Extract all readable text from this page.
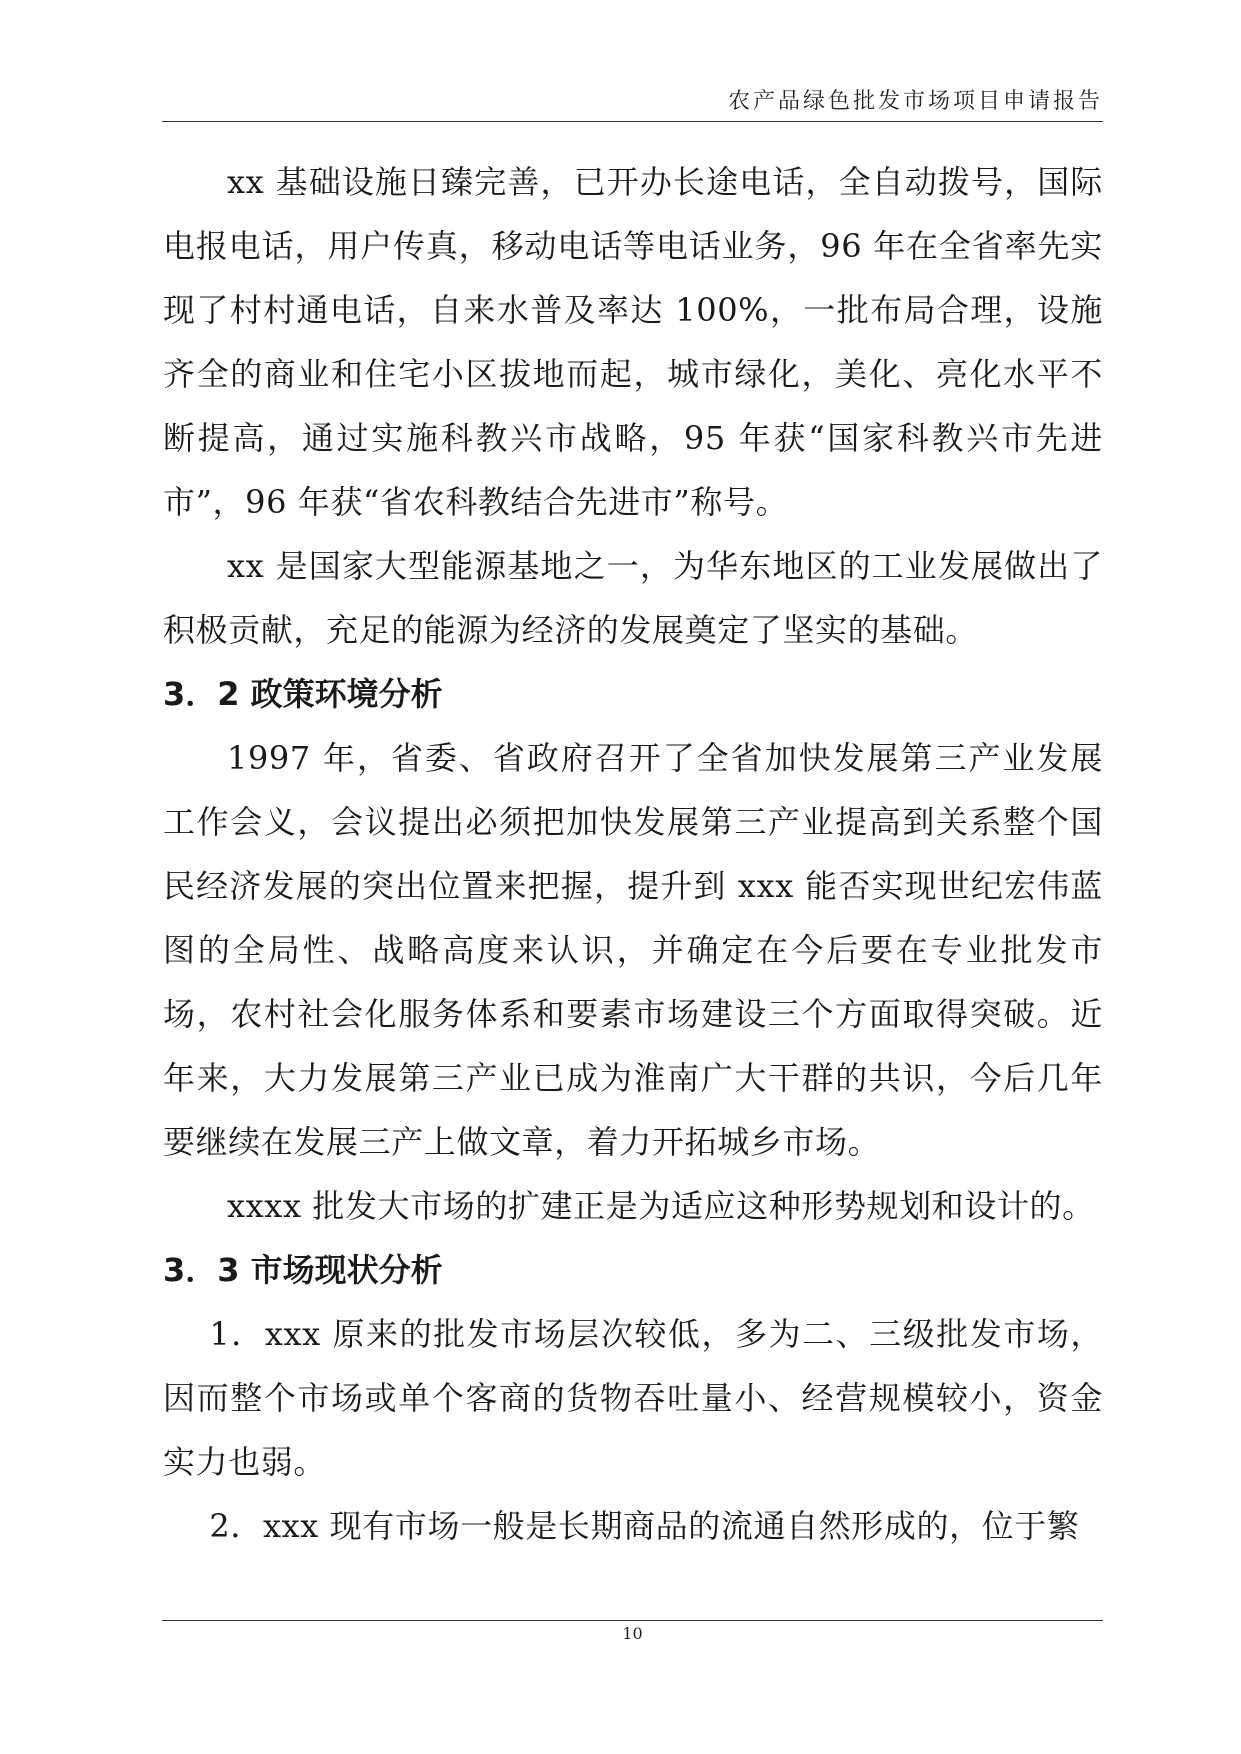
农产品绿色批发市场项目申请报告

xx 基础设施日臻完善，已开办长途电话，全自动拨号，国际电报电话，用户传真，移动电话等电话业务，96 年在全省率先实现了村村通电话，自来水普及率达 100%，一批布局合理，设施齐全的商业和住宅小区拔地而起，城市绿化，美化、亮化水平不断提高，通过实施科教兴市战略，95 年获“国家科教兴市先进市”，96 年获“省农科教结合先进市”称号。

xx 是国家大型能源基地之一，为华东地区的工业发展做出了积极贡献，充足的能源为经济的发展奠定了坚实的基础。

3．2 政策环境分析

1997 年，省委、省政府召开了全省加快发展第三产业发展工作会义，会议提出必须把加快发展第三产业提高到关系整个国民经济发展的突出位置来把握，提升到 xxx 能否实现世纪宏伟蓝图的全局性、战略高度来认识，并确定在今后要在专业批发市场，农村社会化服务体系和要素市场建设三个方面取得突破。近年来，大力发展第三产业已成为淮南广大干群的共识，今后几年要继续在发展三产上做文章，着力开拓城乡市场。

xxxx 批发大市场的扩建正是为适应这种形势规划和设计的。

3．3 市场现状分析

1．xxx 原来的批发市场层次较低，多为二、三级批发市场，因而整个市场或单个客商的货物吞吐量小、经营规模较小，资金实力也弱。

2．xxx 现有市场一般是长期商品的流通自然形成的，位于繁

10
